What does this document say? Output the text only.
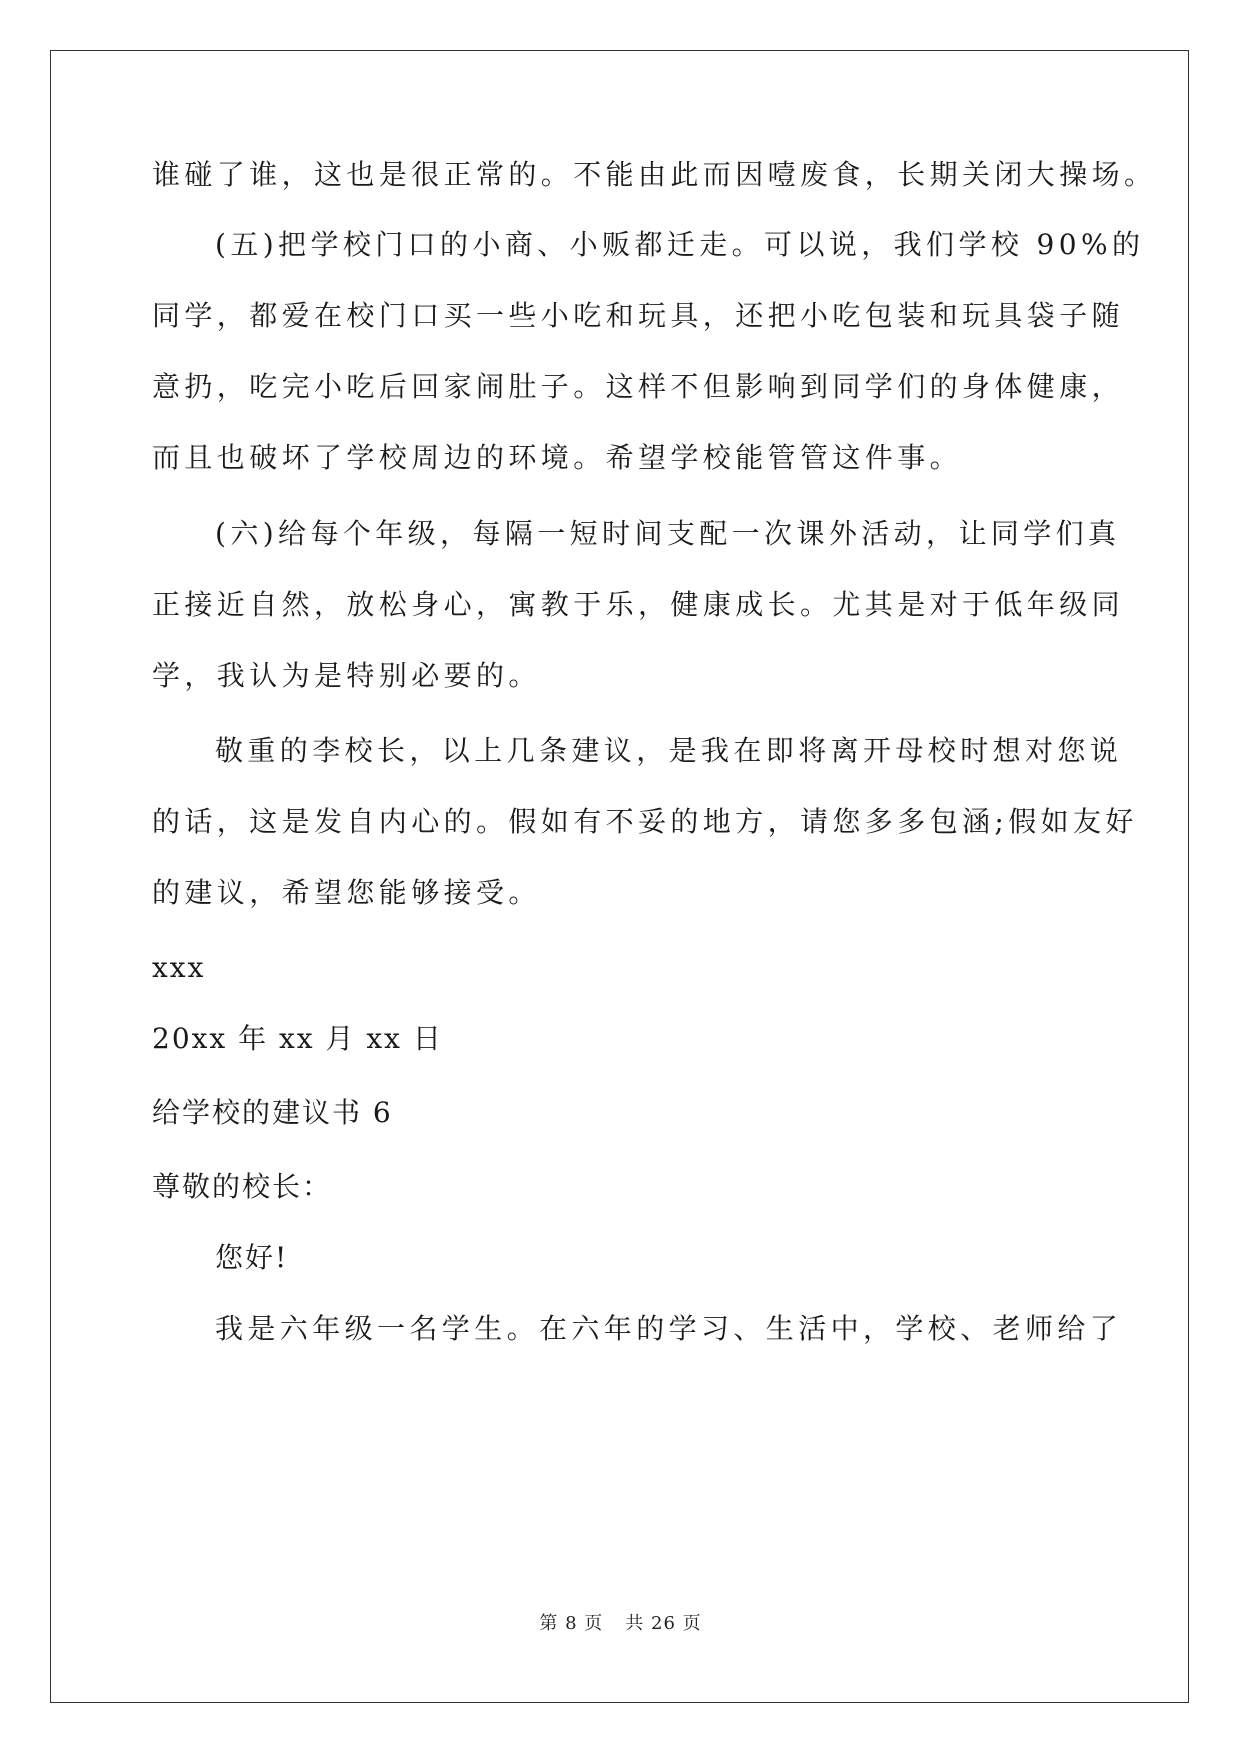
谁碰了谁，这也是很正常的。不能由此而因噎废食，长期关闭大操场。
(五)把学校门口的小商、小贩都迁走。可以说，我们学校 90%的
同学，都爱在校门口买一些小吃和玩具，还把小吃包装和玩具袋子随
意扔，吃完小吃后回家闹肚子。这样不但影响到同学们的身体健康，
而且也破坏了学校周边的环境。希望学校能管管这件事。
(六)给每个年级，每隔一短时间支配一次课外活动，让同学们真
正接近自然，放松身心，寓教于乐，健康成长。尤其是对于低年级同
学，我认为是特别必要的。
敬重的李校长，以上几条建议，是我在即将离开母校时想对您说
的话，这是发自内心的。假如有不妥的地方，请您多多包涵;假如友好
的建议，希望您能够接受。
xxx
20xx 年 xx 月 xx 日
给学校的建议书 6
尊敬的校长：
您好!
我是六年级一名学生。在六年的学习、生活中，学校、老师给了
第 8 页 共 26 页
